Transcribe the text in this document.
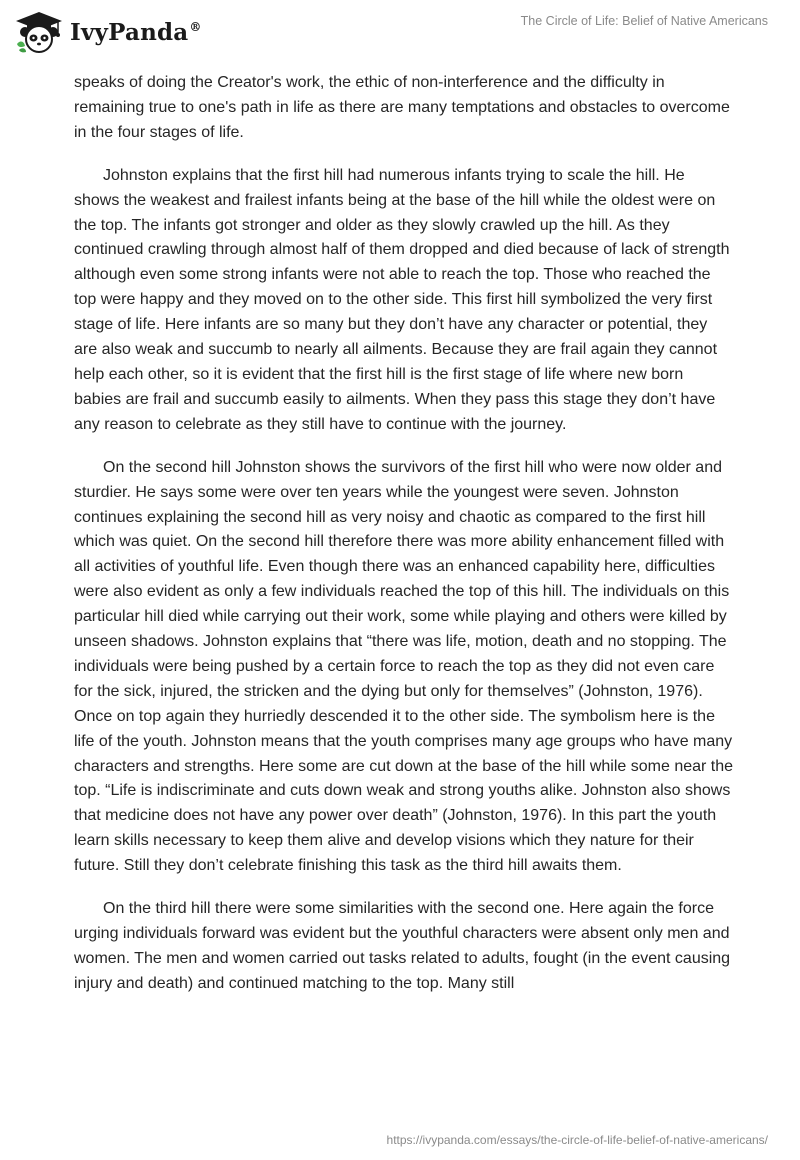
IvyPanda®	The Circle of Life: Belief of Native Americans

speaks of doing the Creator's work, the ethic of non-interference and the difficulty in remaining true to one's path in life as there are many temptations and obstacles to overcome in the four stages of life.

Johnston explains that the first hill had numerous infants trying to scale the hill. He shows the weakest and frailest infants being at the base of the hill while the oldest were on the top. The infants got stronger and older as they slowly crawled up the hill. As they continued crawling through almost half of them dropped and died because of lack of strength although even some strong infants were not able to reach the top. Those who reached the top were happy and they moved on to the other side. This first hill symbolized the very first stage of life. Here infants are so many but they don’t have any character or potential, they are also weak and succumb to nearly all ailments. Because they are frail again they cannot help each other, so it is evident that the first hill is the first stage of life where new born babies are frail and succumb easily to ailments. When they pass this stage they don’t have any reason to celebrate as they still have to continue with the journey.

On the second hill Johnston shows the survivors of the first hill who were now older and sturdier. He says some were over ten years while the youngest were seven. Johnston continues explaining the second hill as very noisy and chaotic as compared to the first hill which was quiet. On the second hill therefore there was more ability enhancement filled with all activities of youthful life. Even though there was an enhanced capability here, difficulties were also evident as only a few individuals reached the top of this hill. The individuals on this particular hill died while carrying out their work, some while playing and others were killed by unseen shadows. Johnston explains that “there was life, motion, death and no stopping. The individuals were being pushed by a certain force to reach the top as they did not even care for the sick, injured, the stricken and the dying but only for themselves” (Johnston, 1976). Once on top again they hurriedly descended it to the other side. The symbolism here is the life of the youth. Johnston means that the youth comprises many age groups who have many characters and strengths. Here some are cut down at the base of the hill while some near the top. “Life is indiscriminate and cuts down weak and strong youths alike. Johnston also shows that medicine does not have any power over death” (Johnston, 1976). In this part the youth learn skills necessary to keep them alive and develop visions which they nature for their future. Still they don’t celebrate finishing this task as the third hill awaits them.

On the third hill there were some similarities with the second one. Here again the force urging individuals forward was evident but the youthful characters were absent only men and women. The men and women carried out tasks related to adults, fought (in the event causing injury and death) and continued matching to the top. Many still

https://ivypanda.com/essays/the-circle-of-life-belief-of-native-americans/
